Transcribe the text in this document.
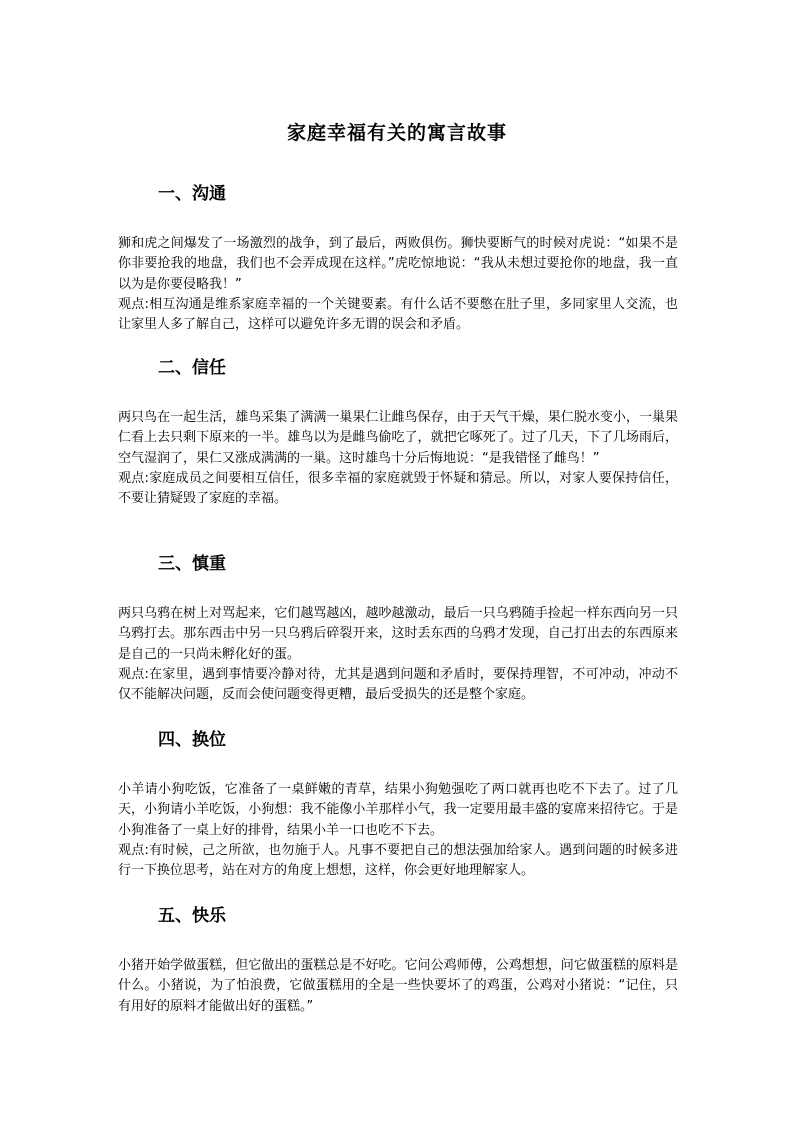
家庭幸福有关的寓言故事
一、沟通

狮和虎之间爆发了一场激烈的战争，到了最后，两败俱伤。狮快要断气的时候对虎说：“如果不是你非要抢我的地盘，我们也不会弄成现在这样。”虎吃惊地说：“我从未想过要抢你的地盘，我一直以为是你要侵略我！”

观点:相互沟通是维系家庭幸福的一个关键要素。有什么话不要憋在肚子里，多同家里人交流，也让家里人多了解自己，这样可以避免许多无谓的误会和矛盾。

二、信任

两只鸟在一起生活，雄鸟采集了满满一巢果仁让雌鸟保存，由于天气干燥，果仁脱水变小，一巢果仁看上去只剩下原来的一半。雄鸟以为是雌鸟偷吃了，就把它啄死了。过了几天，下了几场雨后，空气湿润了，果仁又涨成满满的一巢。这时雄鸟十分后悔地说：“是我错怪了雌鸟！”

观点:家庭成员之间要相互信任，很多幸福的家庭就毁于怀疑和猜忌。所以，对家人要保持信任，不要让猜疑毁了家庭的幸福。

三、慎重

两只乌鸦在树上对骂起来，它们越骂越凶，越吵越激动，最后一只乌鸦随手捡起一样东西向另一只乌鸦打去。那东西击中另一只乌鸦后碎裂开来，这时丢东西的乌鸦才发现，自己打出去的东西原来是自己的一只尚未孵化好的蛋。

观点:在家里，遇到事情要冷静对待，尤其是遇到问题和矛盾时，要保持理智，不可冲动，冲动不仅不能解决问题，反而会使问题变得更糟，最后受损失的还是整个家庭。

四、换位

小羊请小狗吃饭，它准备了一桌鲜嫩的青草，结果小狗勉强吃了两口就再也吃不下去了。过了几天，小狗请小羊吃饭，小狗想：我不能像小羊那样小气，我一定要用最丰盛的宴席来招待它。于是小狗准备了一桌上好的排骨，结果小羊一口也吃不下去。

观点:有时候，己之所欲，也勿施于人。凡事不要把自己的想法强加给家人。遇到问题的时候多进行一下换位思考，站在对方的角度上想想，这样，你会更好地理解家人。

五、快乐

小猪开始学做蛋糕，但它做出的蛋糕总是不好吃。它问公鸡师傅，公鸡想想，问它做蛋糕的原料是什么。小猪说，为了怕浪费，它做蛋糕用的全是一些快要坏了的鸡蛋，公鸡对小猪说：“记住，只有用好的原料才能做出好的蛋糕。”
